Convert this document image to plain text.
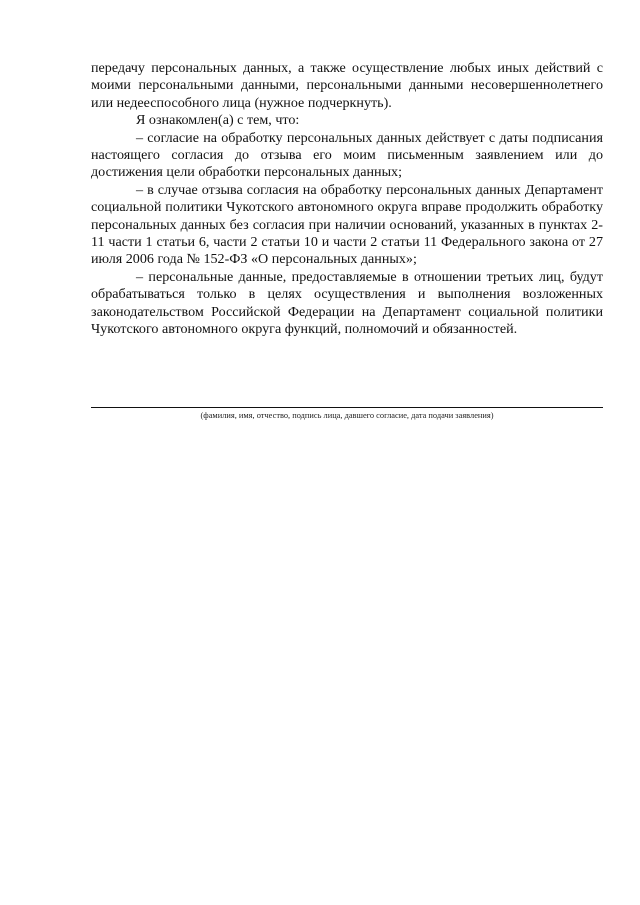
передачу персональных данных, а также осуществление любых иных действий с моими персональными данными, персональными данными несовершеннолетнего или недееспособного лица (нужное подчеркнуть).

Я ознакомлен(а) с тем, что:

– согласие на обработку персональных данных действует с даты подписания настоящего согласия до отзыва его моим письменным заявлением или до достижения цели обработки персональных данных;

– в случае отзыва согласия на обработку персональных данных Департамент социальной политики Чукотского автономного округа вправе продолжить обработку персональных данных без согласия при наличии оснований, указанных в пунктах 2-11 части 1 статьи 6, части 2 статьи 10 и части 2 статьи 11 Федерального закона от 27 июля 2006 года № 152-ФЗ «О персональных данных»;

– персональные данные, предоставляемые в отношении третьих лиц, будут обрабатываться только в целях осуществления и выполнения возложенных законодательством Российской Федерации на Департамент социальной политики Чукотского автономного округа функций, полномочий и обязанностей.

(фамилия, имя, отчество, подпись лица, давшего согласие, дата подачи заявления)
